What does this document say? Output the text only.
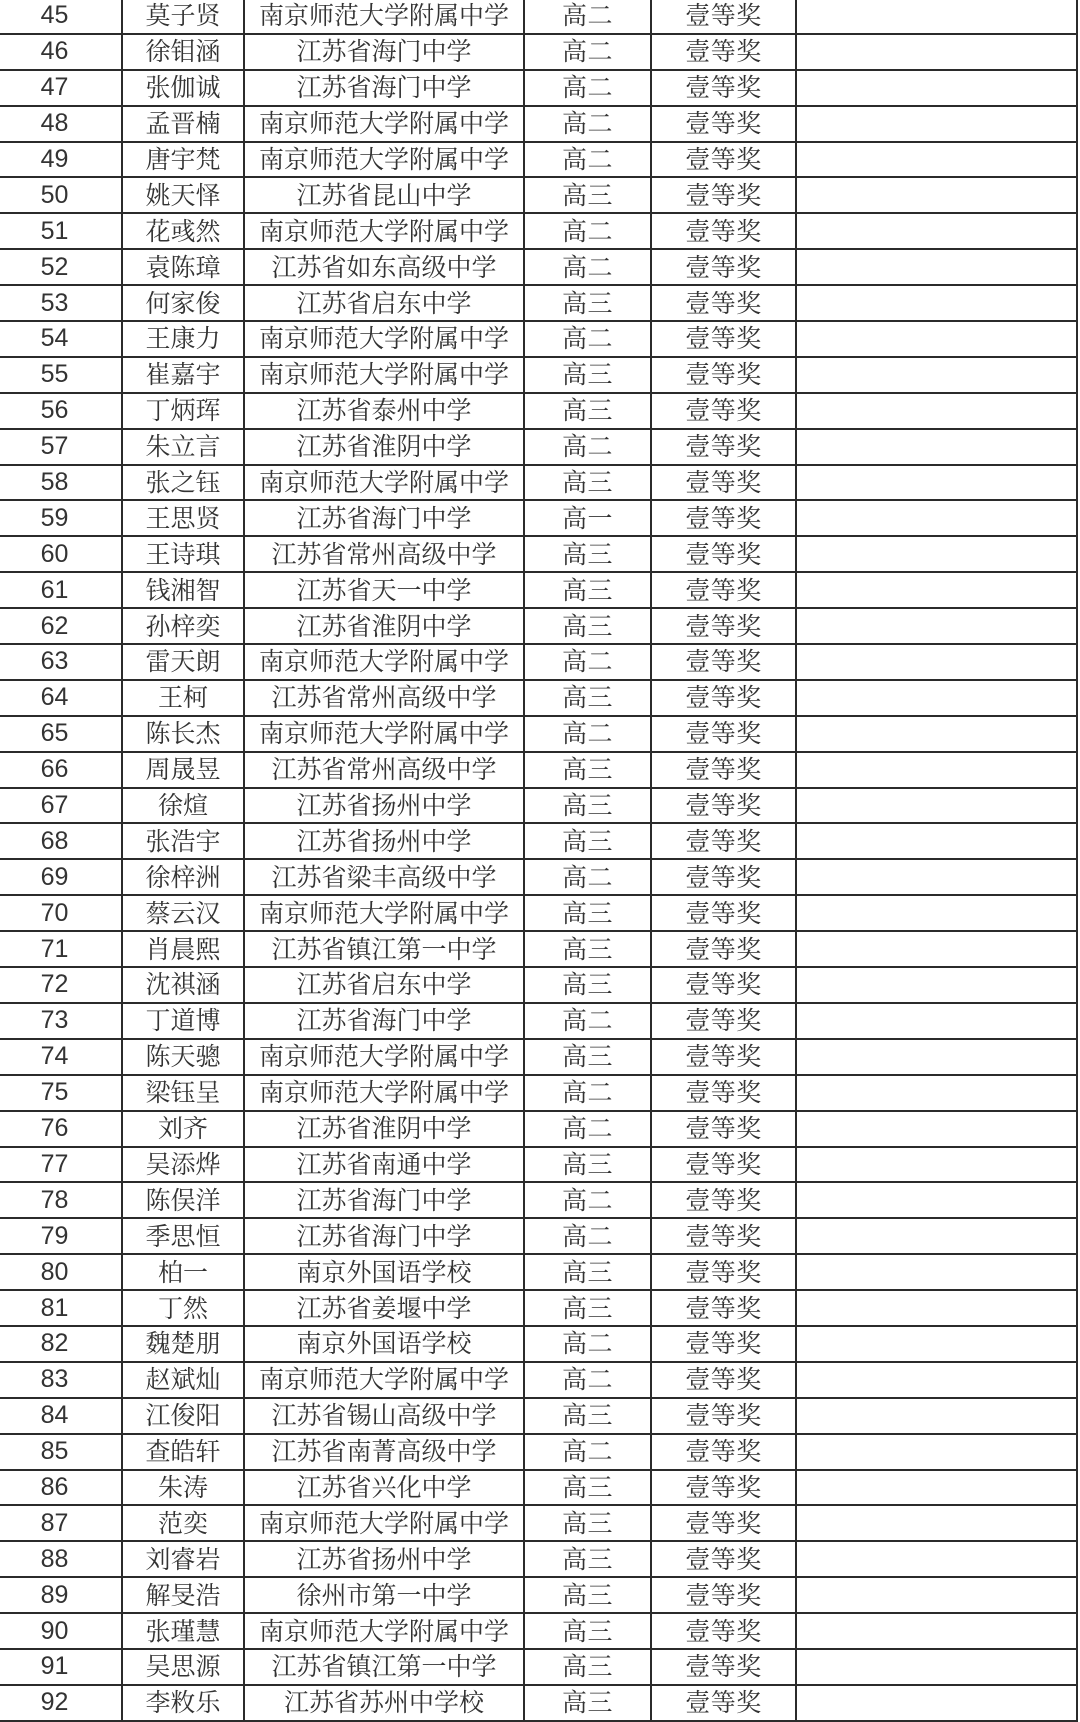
45	莫子贤	南京师范大学附属中学	高二	壹等奖	
46	徐钼涵	江苏省海门中学	高二	壹等奖	
47	张伽诚	江苏省海门中学	高二	壹等奖	
48	孟晋楠	南京师范大学附属中学	高二	壹等奖	
49	唐宇梵	南京师范大学附属中学	高二	壹等奖	
50	姚天怿	江苏省昆山中学	高三	壹等奖	
51	花彧然	南京师范大学附属中学	高二	壹等奖	
52	袁陈璋	江苏省如东高级中学	高二	壹等奖	
53	何家俊	江苏省启东中学	高三	壹等奖	
54	王康力	南京师范大学附属中学	高二	壹等奖	
55	崔嘉宇	南京师范大学附属中学	高三	壹等奖	
56	丁炳珲	江苏省泰州中学	高三	壹等奖	
57	朱立言	江苏省淮阴中学	高二	壹等奖	
58	张之钰	南京师范大学附属中学	高三	壹等奖	
59	王思贤	江苏省海门中学	高一	壹等奖	
60	王诗琪	江苏省常州高级中学	高三	壹等奖	
61	钱湘智	江苏省天一中学	高三	壹等奖	
62	孙梓奕	江苏省淮阴中学	高三	壹等奖	
63	雷天朗	南京师范大学附属中学	高二	壹等奖	
64	王柯	江苏省常州高级中学	高三	壹等奖	
65	陈长杰	南京师范大学附属中学	高二	壹等奖	
66	周晟昱	江苏省常州高级中学	高三	壹等奖	
67	徐煊	江苏省扬州中学	高三	壹等奖	
68	张浩宇	江苏省扬州中学	高三	壹等奖	
69	徐梓洲	江苏省梁丰高级中学	高二	壹等奖	
70	蔡云汉	南京师范大学附属中学	高三	壹等奖	
71	肖晨熙	江苏省镇江第一中学	高三	壹等奖	
72	沈祺涵	江苏省启东中学	高三	壹等奖	
73	丁道博	江苏省海门中学	高二	壹等奖	
74	陈天骢	南京师范大学附属中学	高三	壹等奖	
75	梁钰呈	南京师范大学附属中学	高二	壹等奖	
76	刘齐	江苏省淮阴中学	高二	壹等奖	
77	吴添烨	江苏省南通中学	高三	壹等奖	
78	陈俣洋	江苏省海门中学	高二	壹等奖	
79	季思恒	江苏省海门中学	高二	壹等奖	
80	柏一	南京外国语学校	高三	壹等奖	
81	丁然	江苏省姜堰中学	高三	壹等奖	
82	魏楚朋	南京外国语学校	高二	壹等奖	
83	赵斌灿	南京师范大学附属中学	高二	壹等奖	
84	江俊阳	江苏省锡山高级中学	高三	壹等奖	
85	查皓轩	江苏省南菁高级中学	高二	壹等奖	
86	朱涛	江苏省兴化中学	高三	壹等奖	
87	范奕	南京师范大学附属中学	高三	壹等奖	
88	刘睿岩	江苏省扬州中学	高三	壹等奖	
89	解旻浩	徐州市第一中学	高三	壹等奖	
90	张瑾慧	南京师范大学附属中学	高三	壹等奖	
91	吴思源	江苏省镇江第一中学	高三	壹等奖	
92	李敉乐	江苏省苏州中学校	高三	壹等奖	
